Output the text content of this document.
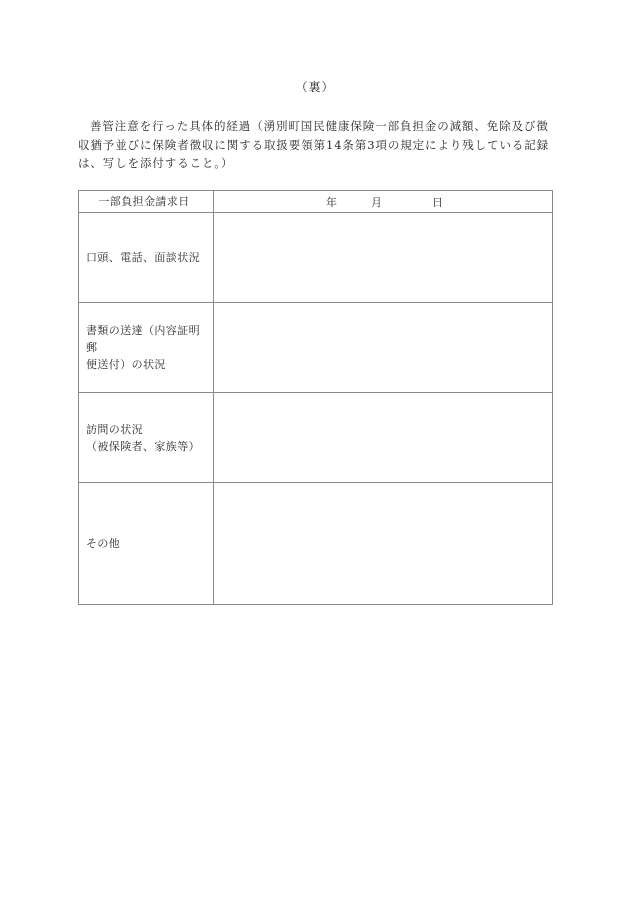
（裏）
善管注意を行った具体的経過（湧別町国民健康保険一部負担金の減額、免除及び徴収猶予並びに保険者徴収に関する取扱要領第14条第3項の規定により残している記録は、写しを添付すること。）
一部負担金請求日	年 月 日

口頭、電話、面談状況	

書類の送達（内容証明郵
便送付）の状況	

訪問の状況
（被保険者、家族等）	

その他	
